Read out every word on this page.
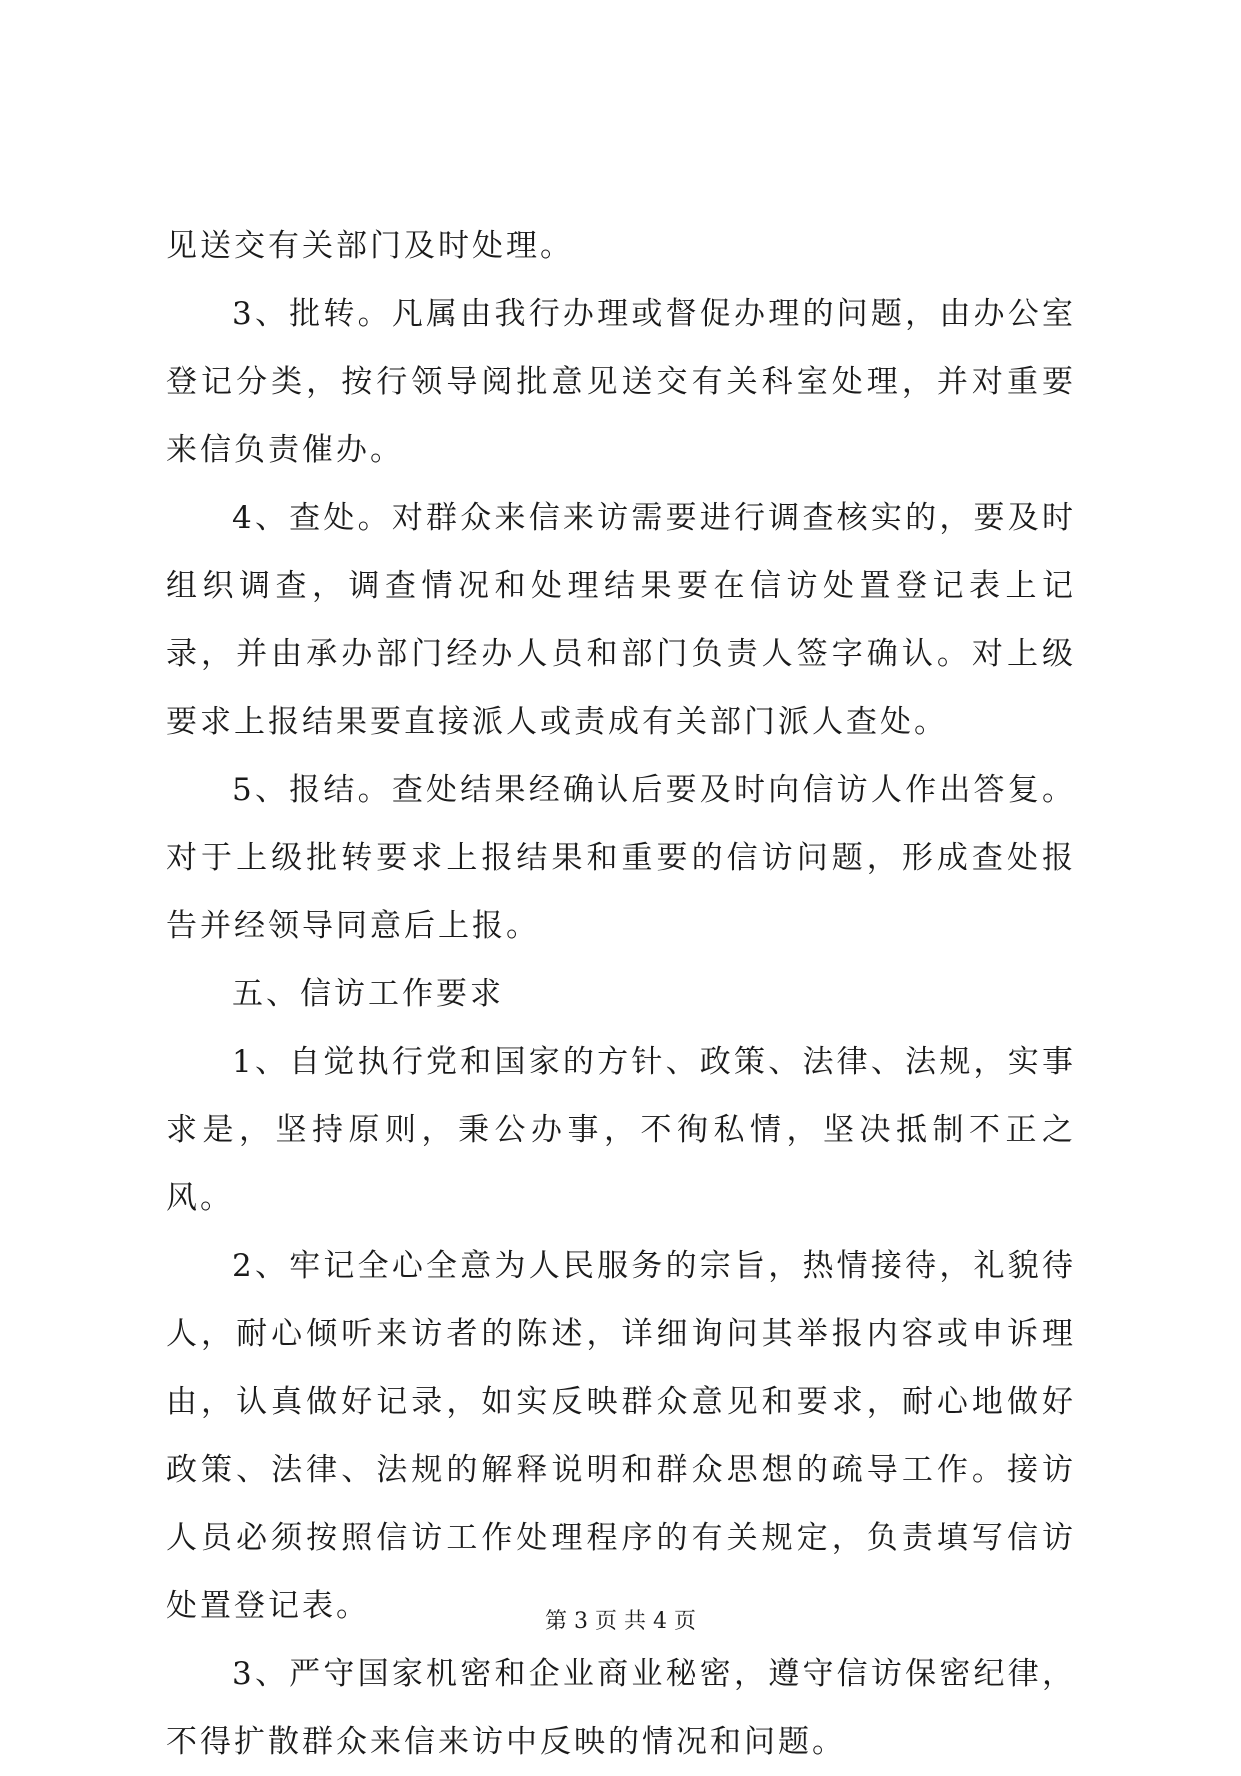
见送交有关部门及时处理。

3、批转。凡属由我行办理或督促办理的问题，由办公室登记分类，按行领导阅批意见送交有关科室处理，并对重要来信负责催办。

4、查处。对群众来信来访需要进行调查核实的，要及时组织调查，调查情况和处理结果要在信访处置登记表上记录，并由承办部门经办人员和部门负责人签字确认。对上级要求上报结果要直接派人或责成有关部门派人查处。

5、报结。查处结果经确认后要及时向信访人作出答复。对于上级批转要求上报结果和重要的信访问题，形成查处报告并经领导同意后上报。

五、信访工作要求

1、自觉执行党和国家的方针、政策、法律、法规，实事求是，坚持原则，秉公办事，不徇私情，坚决抵制不正之风。

2、牢记全心全意为人民服务的宗旨，热情接待，礼貌待人，耐心倾听来访者的陈述，详细询问其举报内容或申诉理由，认真做好记录，如实反映群众意见和要求，耐心地做好政策、法律、法规的解释说明和群众思想的疏导工作。接访人员必须按照信访工作处理程序的有关规定，负责填写信访处置登记表。

3、严守国家机密和企业商业秘密，遵守信访保密纪律，不得扩散群众来信来访中反映的情况和问题。

第 3 页 共 4 页
